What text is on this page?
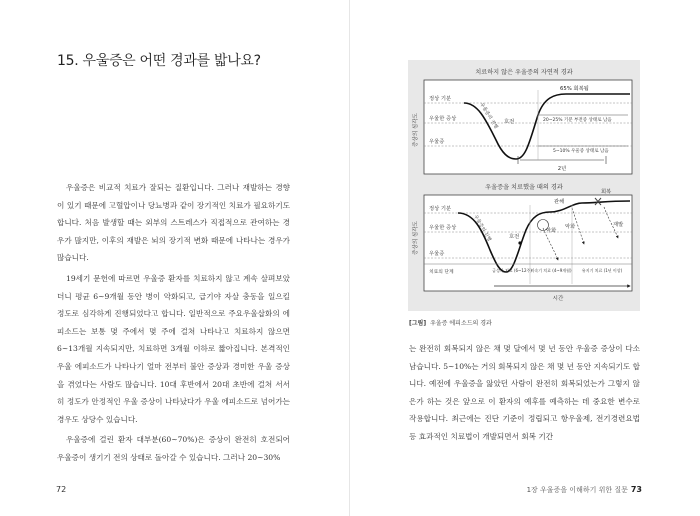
15. 우울증은 어떤 경과를 밟나요?

우울증은 비교적 치료가 잘되는 질환입니다. 그러나 재발하는 경향이 있기 때문에 고혈압이나 당뇨병과 같이 장기적인 치료가 필요하기도 합니다. 처음 발생할 때는 외부의 스트레스가 직접적으로 관여하는 경우가 많지만, 이후의 재발은 뇌의 장기적 변화 때문에 나타나는 경우가 많습니다.

19세기 문헌에 따르면 우울증 환자를 치료하지 않고 계속 살펴보았더니 평균 6~9개월 동안 병이 악화되고, 급기야 자살 충동을 일으킬 정도로 심각하게 진행되었다고 합니다. 일반적으로 주요우울삽화의 에피소드는 보통 몇 주에서 몇 주에 걸쳐 나타나고 치료하지 않으면 6~13개월 지속되지만, 치료하면 3개월 이하로 짧아집니다. 본격적인 우울 에피소드가 나타나기 얼마 전부터 불안 증상과 경미한 우울 증상을 겪었다는 사람도 많습니다. 10대 후반에서 20대 초반에 걸쳐 서서히 정도가 안정적인 우울 증상이 나타났다가 우울 에피소드로 넘어가는 경우도 상당수 있습니다.

우울증에 걸린 환자 대부분(60~70%)은 증상이 완전히 호전되어 우울증이 생기기 전의 상태로 돌아갈 수 있습니다. 그러나 20~30%

72
치료하지 않은 우울증의 자연적 경과
증상의 심각도
정상 기분
우울한 증상
우울증
우울증의 진행	호전
65% 회복됨
20~25% 기분 부전증 상태로 남음
5~10% 우울증 상태로 남음
2년
우울증을 치료했을 때의 경과
증상의 심각도
정상 기분
우울한 증상
우울증
우울증의 진행	호전
악화
관해
악화
회복
재발
치료의 단계	급성기 치료 (6~12주)
지속기 치료 (4~9개월)	유지기 치료 (1년 이상)
시간
[그림] 우울증 에피소드의 경과

는 완전히 회복되지 않은 채 몇 달에서 몇 년 동안 우울증 증상이 다소 남습니다. 5~10%는 거의 회복되지 않은 채 몇 년 동안 지속되기도 합니다. 예전에 우울증을 앓았던 사람이 완전히 회복되었는가 그렇지 않은가 하는 것은 앞으로 이 환자의 예후를 예측하는 데 중요한 변수로 작용합니다. 최근에는 진단 기준이 정립되고 항우울제, 전기경련요법 등 효과적인 치료법이 개발되면서 회복 기간

1장 우울증을 이해하기 위한 질문 73
